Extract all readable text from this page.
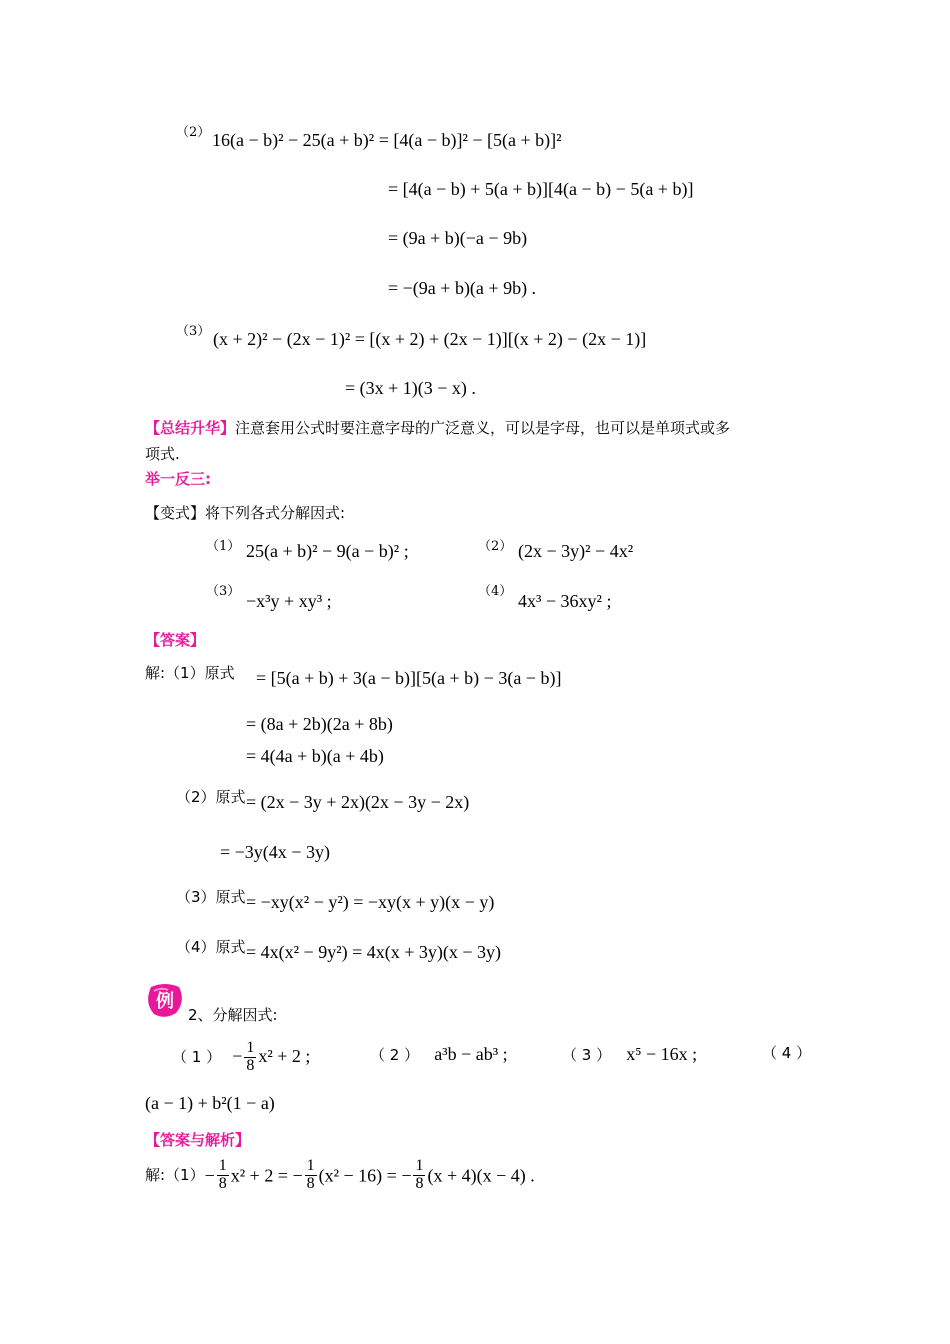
（2） 16(a − b)² − 25(a + b)² = [4(a − b)]² − [5(a + b)]²
= [4(a − b) + 5(a + b)][4(a − b) − 5(a + b)]
= (9a + b)(−a − 9b)
= −(9a + b)(a + 9b) .
（3） (x + 2)² − (2x − 1)² = [(x + 2) + (2x − 1)][(x + 2) − (2x − 1)]
= (3x + 1)(3 − x) .
【总结升华】注意套用公式时要注意字母的广泛意义，可以是字母，也可以是单项式或多
项式.
举一反三:
【变式】将下列各式分解因式:
（1） 25(a + b)² − 9(a − b)² ;	（2） (2x − 3y)² − 4x²
（3） −x³y + xy³ ;	（4） 4x³ − 36xy² ;
【答案】
解:（1）原式 = [5(a + b) + 3(a − b)][5(a + b) − 3(a − b)]
= (8a + 2b)(2a + 8b)
= 4(4a + b)(a + 4b)
（2）原式 = (2x − 3y + 2x)(2x − 3y − 2x)
= −3y(4x − 3y)
（3）原式 = −xy(x² − y²) = −xy(x + y)(x − y)
（4）原式 = 4x(x² − 9y²) = 4x(x + 3y)(x − 3y)
例
2、分解因式:
（ 1 ） − $\frac{1}{8} x^2 + 2$ ;	（ 2 ） a³b − ab³ ;	（ 3 ） x⁵ − 16x ;	（ 4 ）
(a − 1) + b²(1 − a)
【答案与解析】
解:（1）− $\frac{1}{8} x^2 + 2$ = − $\frac{1}{8} (x^2 - 16)$ = − $\frac{1}{8} (x + 4)(x - 4)$ .
